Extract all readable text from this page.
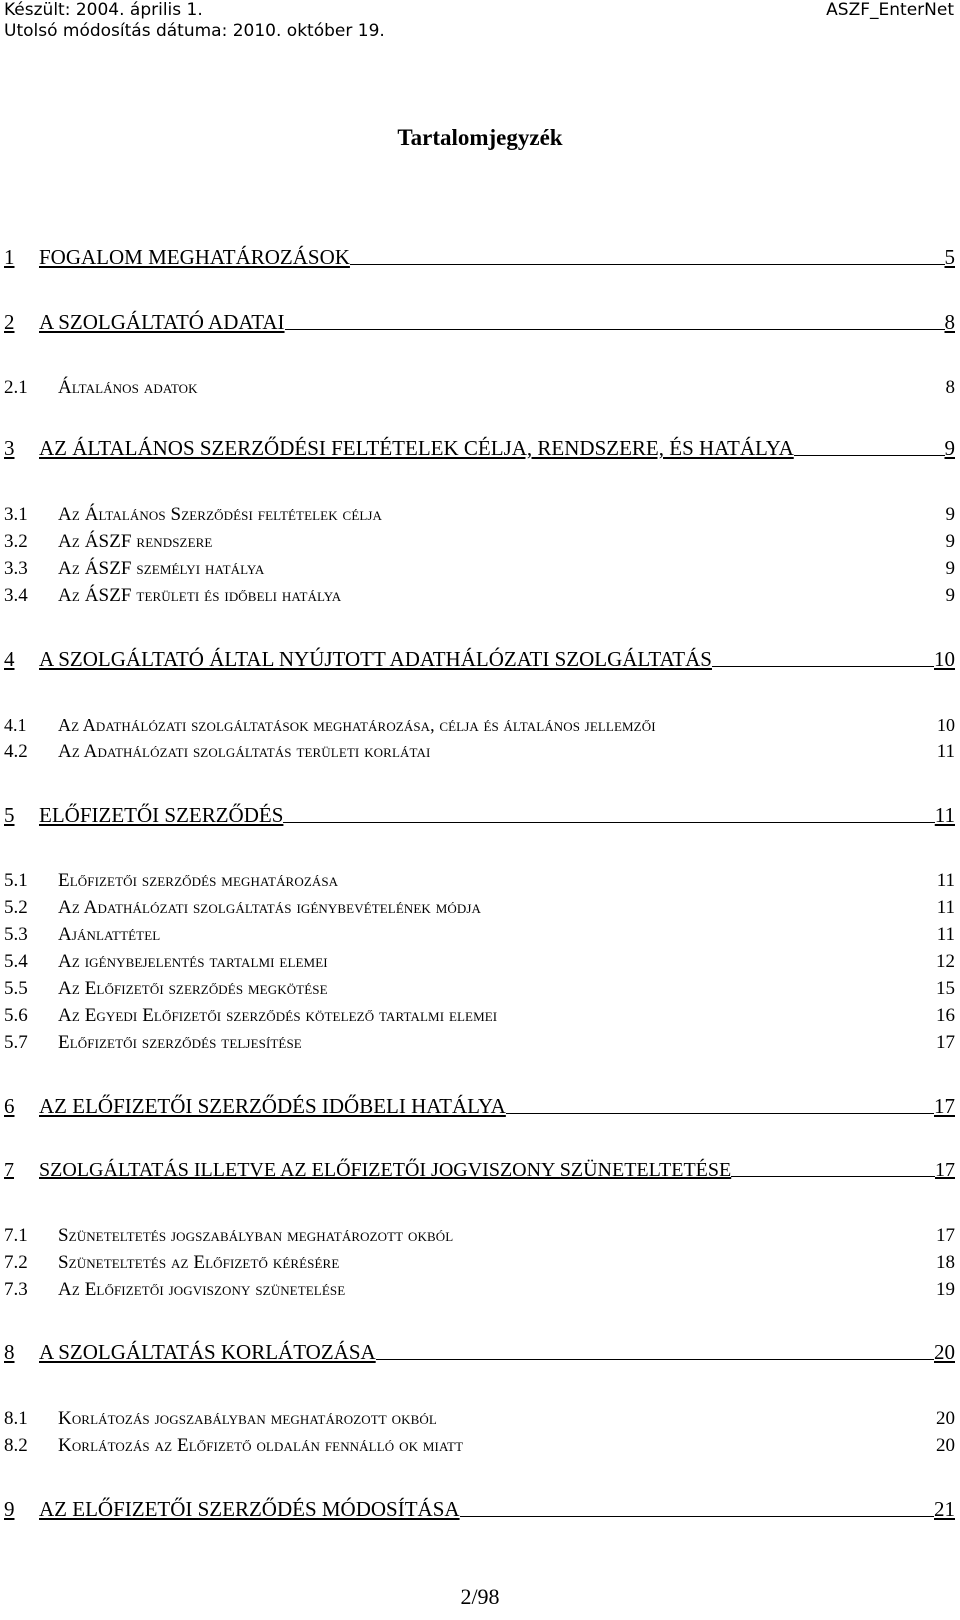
Készült: 2004. április 1.
Utolsó módosítás dátuma: 2010. október 19.
ASZF_EnterNet
Tartalomjegyzék
1	FOGALOM MEGHATÁROZÁSOK	5
2	A SZOLGÁLTATÓ ADATAI	8
2.1	Általános adatok	8
3	AZ ÁLTALÁNOS SZERZŐDÉSI FELTÉTELEK CÉLJA, RENDSZERE, ÉS HATÁLYA	9
3.1	Az Általános Szerződési feltételek célja	9
3.2	Az ÁSZF rendszere	9
3.3	Az ÁSZF személyi hatálya	9
3.4	Az ÁSZF területi és időbeli hatálya	9
4	A SZOLGÁLTATÓ ÁLTAL NYÚJTOTT ADATHÁLÓZATI SZOLGÁLTATÁS	10
4.1	Az Adathálózati szolgáltatások meghatározása, célja és általános jellemzői	10
4.2	Az Adathálózati szolgáltatás területi korlátai	11
5	ELŐFIZETŐI SZERZŐDÉS	11
5.1	Előfizetői szerződés meghatározása	11
5.2	Az Adathálózati szolgáltatás igénybevételének módja	11
5.3	Ajánlattétel	11
5.4	Az igénybejelentés tartalmi elemei	12
5.5	Az Előfizetői szerződés megkötése	15
5.6	Az Egyedi Előfizetői szerződés kötelező tartalmi elemei	16
5.7	Előfizetői szerződés teljesítése	17
6	AZ ELŐFIZETŐI SZERZŐDÉS IDŐBELI HATÁLYA	17
7	SZOLGÁLTATÁS ILLETVE AZ ELŐFIZETŐI JOGVISZONY SZÜNETELTETÉSE	17
7.1	Szüneteltetés jogszabályban meghatározott okból	17
7.2	Szüneteltetés az Előfizető kérésére	18
7.3	Az Előfizetői jogviszony szünetelése	19
8	A SZOLGÁLTATÁS KORLÁTOZÁSA	20
8.1	Korlátozás jogszabályban meghatározott okból	20
8.2	Korlátozás az Előfizető oldalán fennálló ok miatt	20
9	AZ ELŐFIZETŐI SZERZŐDÉS MÓDOSÍTÁSA	21
2/98
